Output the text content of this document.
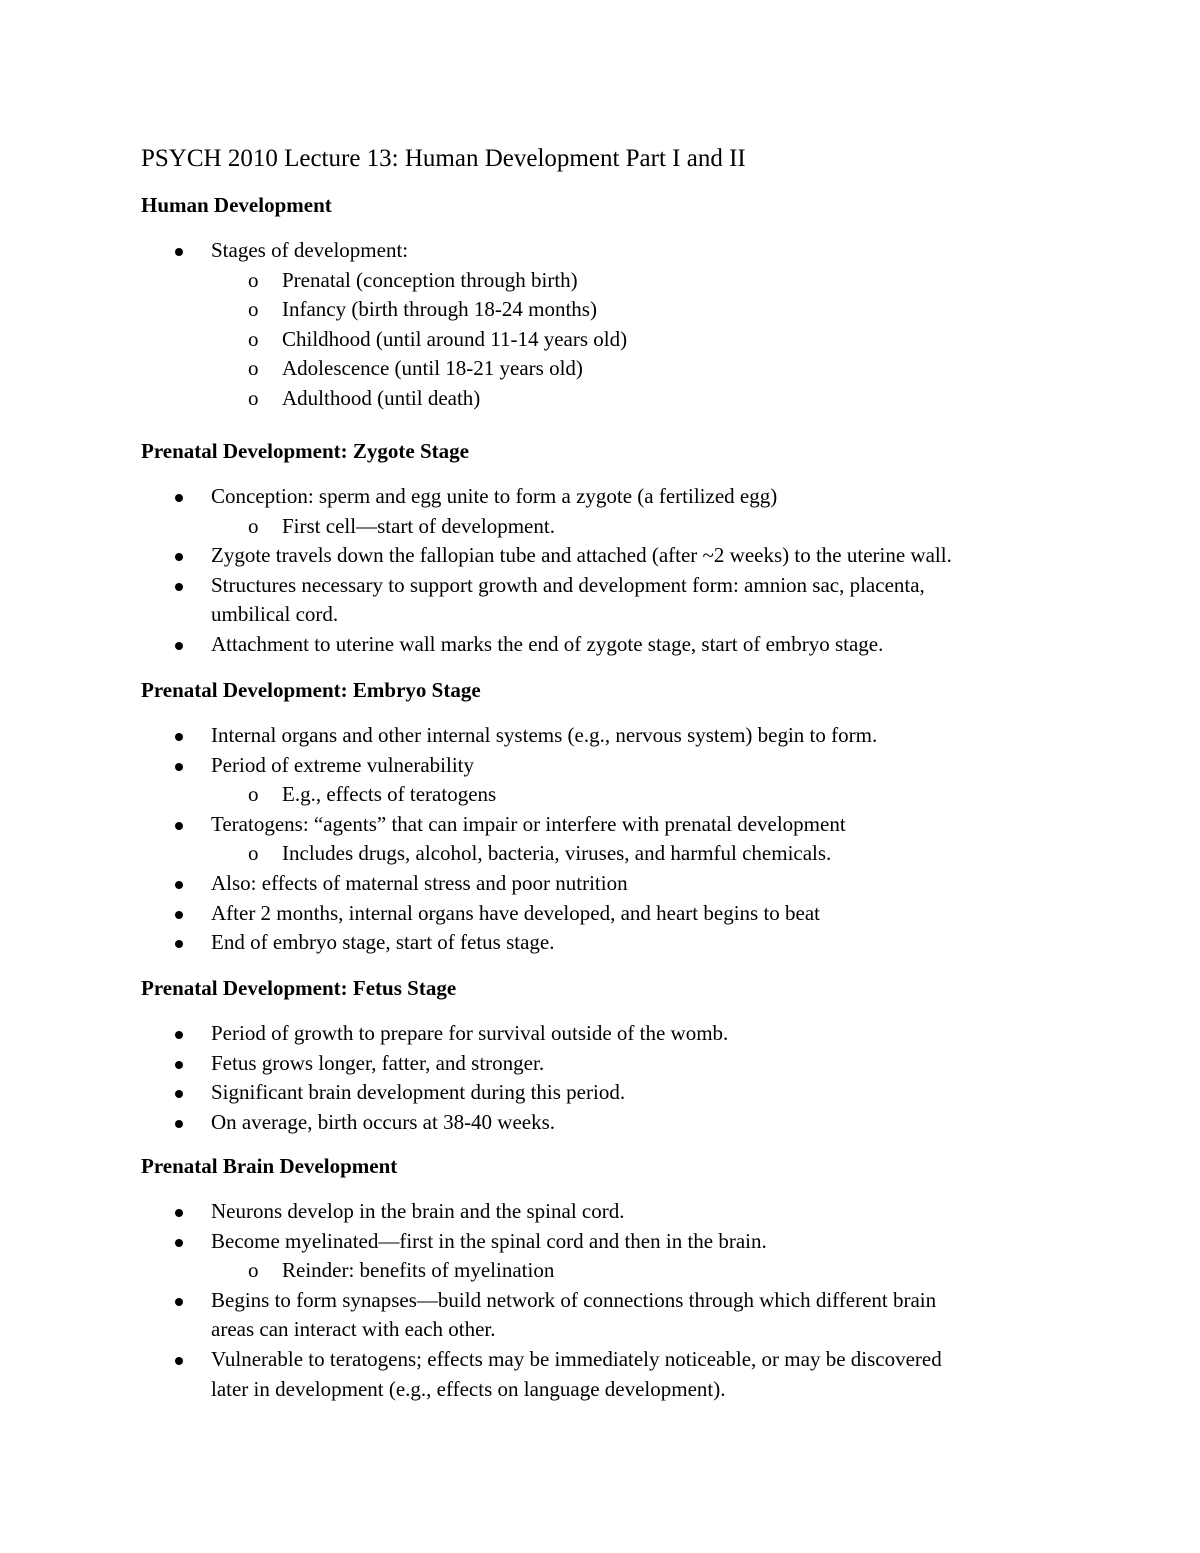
PSYCH 2010 Lecture 13: Human Development Part I and II
Human Development
Stages of development:
o Prenatal (conception through birth)
o Infancy (birth through 18-24 months)
o Childhood (until around 11-14 years old)
o Adolescence (until 18-21 years old)
o Adulthood (until death)
Prenatal Development: Zygote Stage
Conception: sperm and egg unite to form a zygote (a fertilized egg)
o First cell—start of development.
Zygote travels down the fallopian tube and attached (after ~2 weeks) to the uterine wall.
Structures necessary to support growth and development form: amnion sac, placenta,
umbilical cord.
Attachment to uterine wall marks the end of zygote stage, start of embryo stage.
Prenatal Development: Embryo Stage
Internal organs and other internal systems (e.g., nervous system) begin to form.
Period of extreme vulnerability
o E.g., effects of teratogens
Teratogens: “agents” that can impair or interfere with prenatal development
o Includes drugs, alcohol, bacteria, viruses, and harmful chemicals.
Also: effects of maternal stress and poor nutrition
After 2 months, internal organs have developed, and heart begins to beat
End of embryo stage, start of fetus stage.
Prenatal Development: Fetus Stage
Period of growth to prepare for survival outside of the womb.
Fetus grows longer, fatter, and stronger.
Significant brain development during this period.
On average, birth occurs at 38-40 weeks.
Prenatal Brain Development
Neurons develop in the brain and the spinal cord.
Become myelinated—first in the spinal cord and then in the brain.
o Reinder: benefits of myelination
Begins to form synapses—build network of connections through which different brain
areas can interact with each other.
Vulnerable to teratogens; effects may be immediately noticeable, or may be discovered
later in development (e.g., effects on language development).
